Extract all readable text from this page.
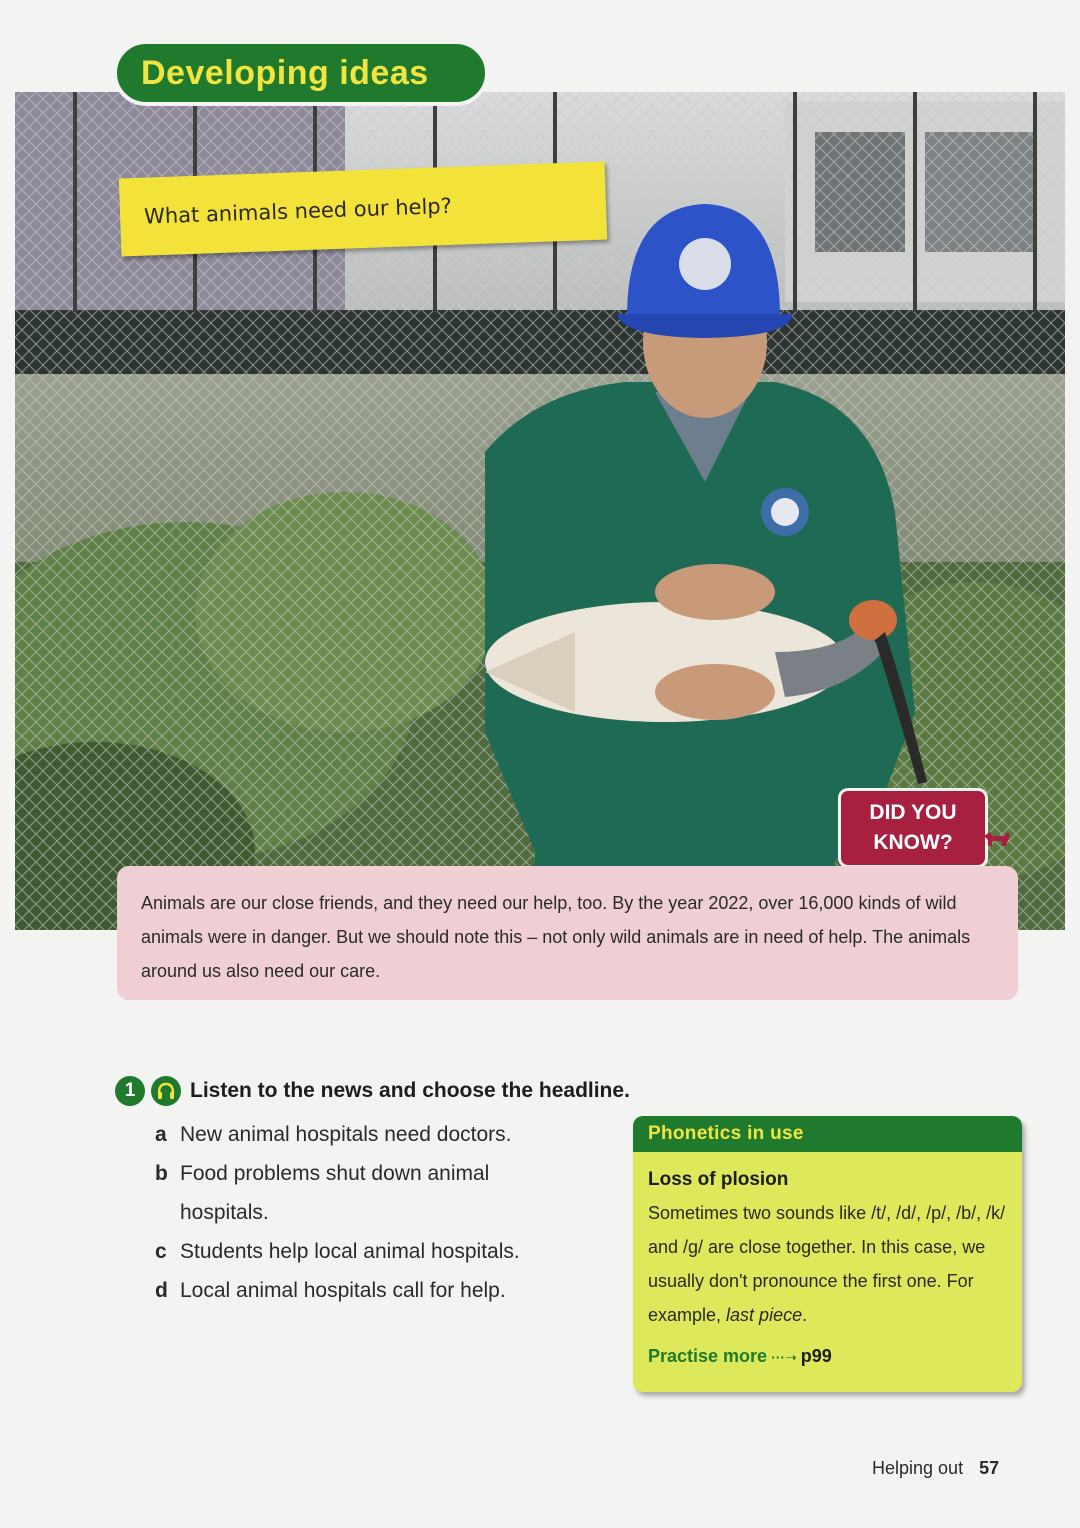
Developing ideas
What animals need our help?
DID YOU
KNOW?
Animals are our close friends, and they need our help, too. By the year 2022, over 16,000 kinds of wild animals were in danger. But we should note this – not only wild animals are in need of help. The animals around us also need our care.
1	Listen to the news and choose the headline.
a New animal hospitals need doctors.
b Food problems shut down animal hospitals.
c Students help local animal hospitals.
d Local animal hospitals call for help.
Phonetics in use
Loss of plosion
Sometimes two sounds like /t/, /d/, /p/, /b/, /k/ and /g/ are close together. In this case, we usually don't pronounce the first one. For example, last piece.
Practise more ···➝ p99
Helping out 57
